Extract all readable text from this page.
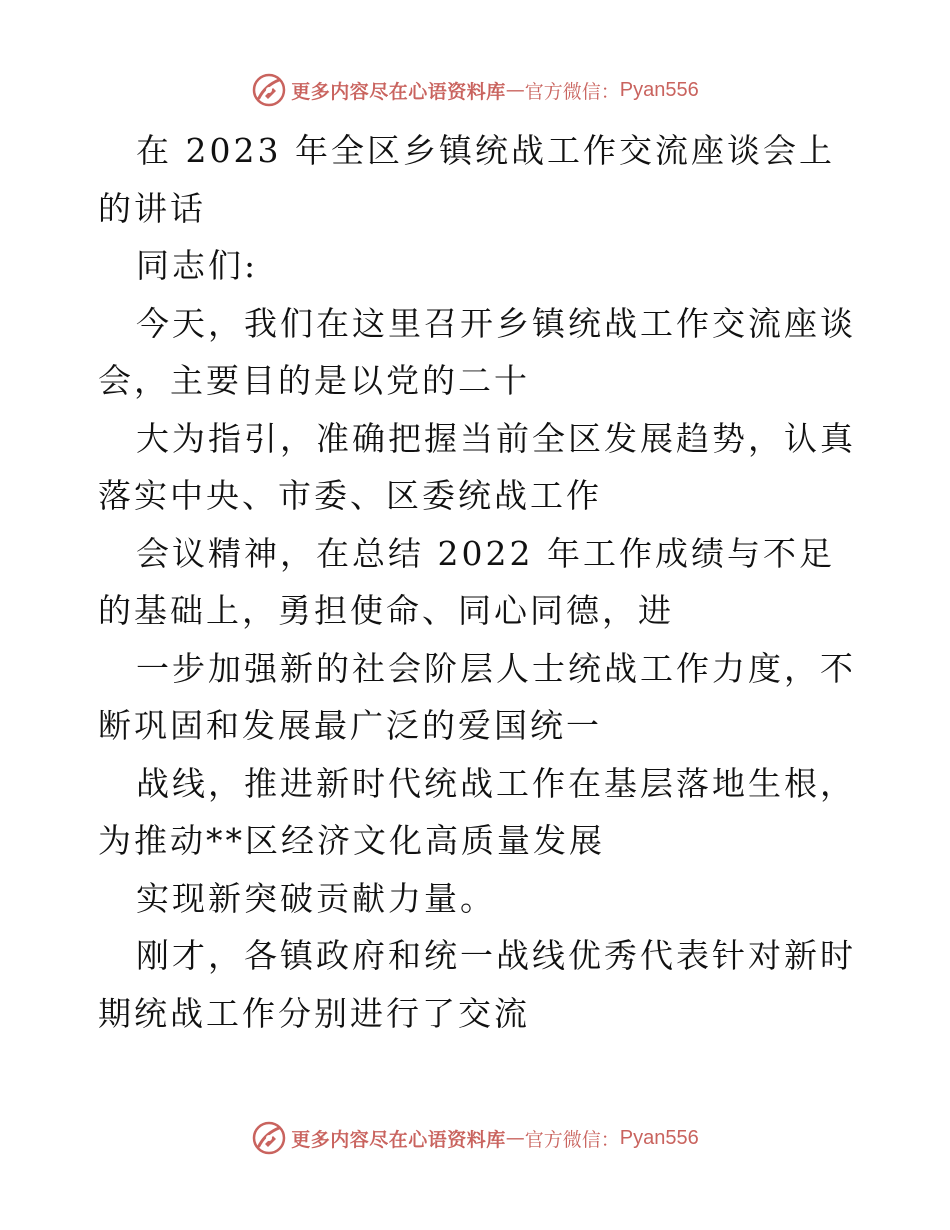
更多内容尽在心语资料库 — 官方微信： Pyan556

在 2023 年全区乡镇统战工作交流座谈会上的讲话

同志们:

今天，我们在这里召开乡镇统战工作交流座谈会，主要目的是以党的二十

大为指引，准确把握当前全区发展趋势，认真落实中央、市委、区委统战工作

会议精神，在总结 2022 年工作成绩与不足的基础上，勇担使命、同心同德，进

一步加强新的社会阶层人士统战工作力度，不断巩固和发展最广泛的爱国统一

战线，推进新时代统战工作在基层落地生根，为推动**区经济文化高质量发展

实现新突破贡献力量。

刚才，各镇政府和统一战线优秀代表针对新时期统战工作分别进行了交流

更多内容尽在心语资料库 — 官方微信： Pyan556
